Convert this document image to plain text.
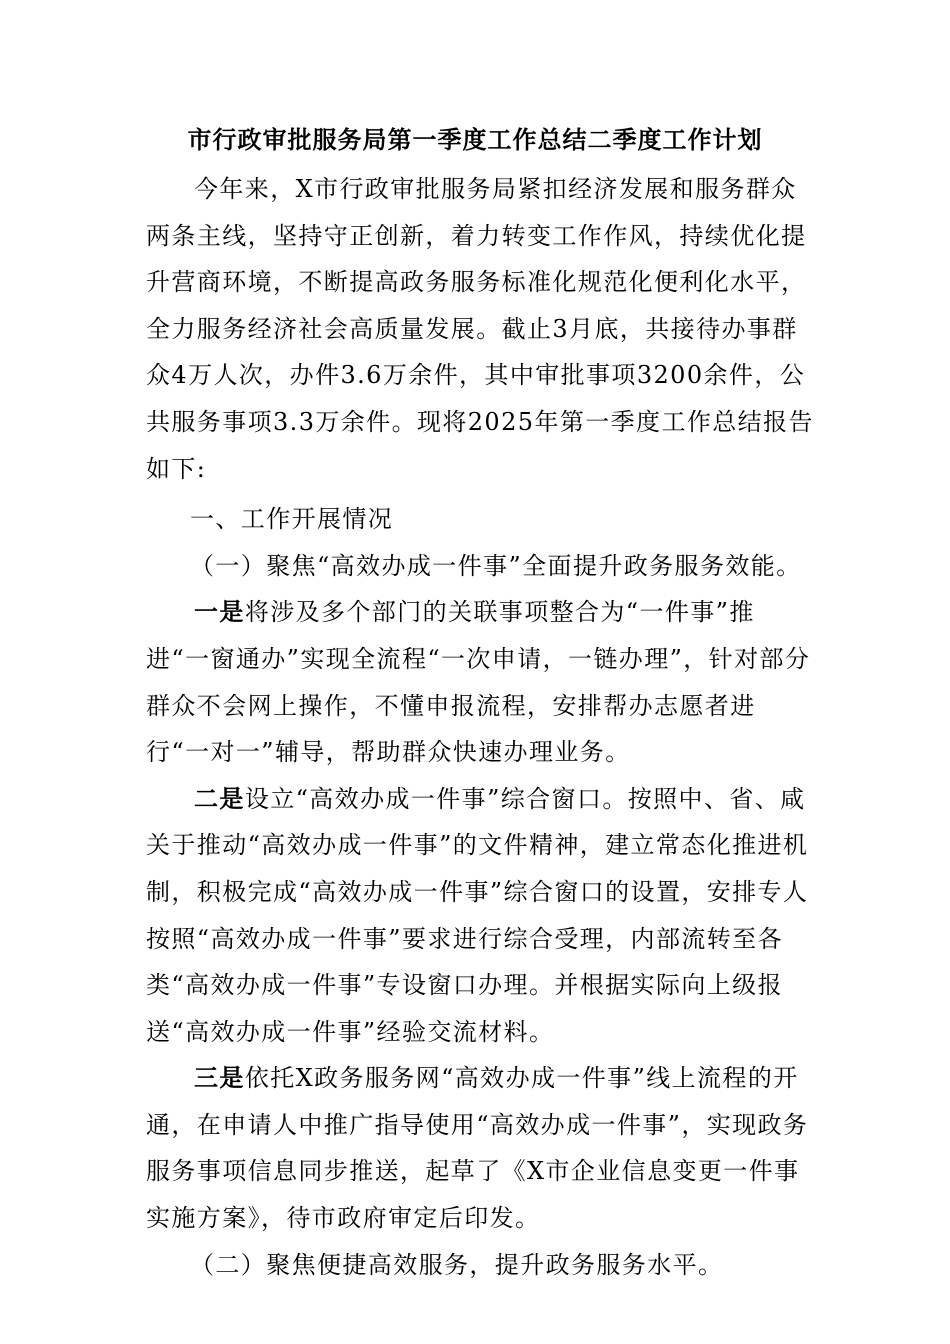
市行政审批服务局第一季度工作总结二季度工作计划

今年来，X市行政审批服务局紧扣经济发展和服务群众两条主线，坚持守正创新，着力转变工作作风，持续优化提升营商环境，不断提高政务服务标准化规范化便利化水平，全力服务经济社会高质量发展。截止3月底，共接待办事群众4万人次，办件3.6万余件，其中审批事项3200余件，公共服务事项3.3万余件。现将2025年第一季度工作总结报告如下:

一、工作开展情况

（一）聚焦“高效办成一件事”全面提升政务服务效能。

一是将涉及多个部门的关联事项整合为“一件事”推进“一窗通办”实现全流程“一次申请，一链办理”，针对部分群众不会网上操作，不懂申报流程，安排帮办志愿者进行“一对一”辅导，帮助群众快速办理业务。

二是设立“高效办成一件事”综合窗口。按照中、省、咸关于推动“高效办成一件事”的文件精神，建立常态化推进机制，积极完成“高效办成一件事”综合窗口的设置，安排专人按照“高效办成一件事”要求进行综合受理，内部流转至各类“高效办成一件事”专设窗口办理。并根据实际向上级报送“高效办成一件事”经验交流材料。

三是依托X政务服务网“高效办成一件事”线上流程的开通，在申请人中推广指导使用“高效办成一件事”，实现政务服务事项信息同步推送，起草了《X市企业信息变更一件事实施方案》，待市政府审定后印发。

（二）聚焦便捷高效服务，提升政务服务水平。
